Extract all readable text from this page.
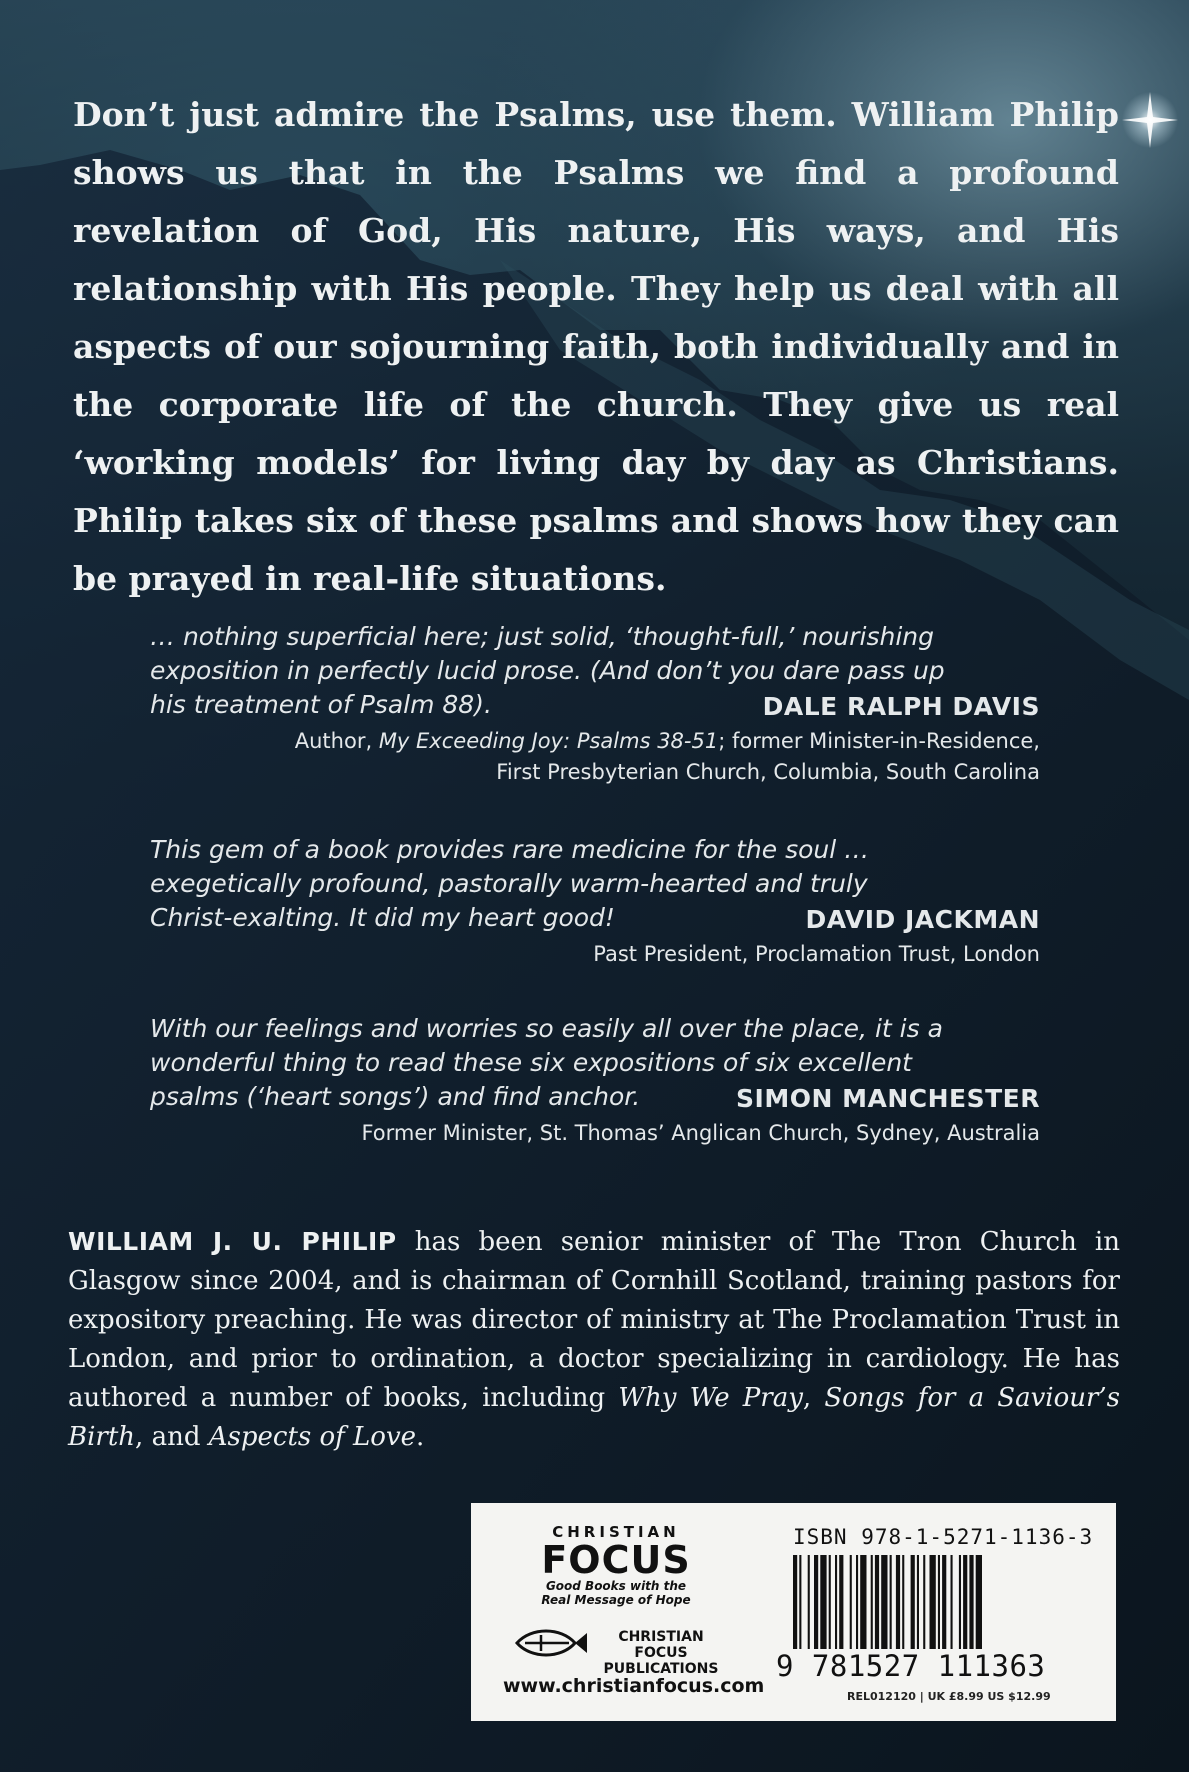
Don’t just admire the Psalms, use them. William Philip shows us that in the Psalms we find a profound revelation of God, His nature, His ways, and His relationship with His people. They help us deal with all aspects of our sojourning faith, both individually and in the corporate life of the church. They give us real ‘working models’ for living day by day as Christians. Philip takes six of these psalms and shows how they can be prayed in real-life situations.

… nothing superficial here; just solid, ‘thought-full,’ nourishing exposition in perfectly lucid prose. (And don’t you dare pass up his treatment of Psalm 88).	DALE RALPH DAVIS
Author, My Exceeding Joy: Psalms 38-51; former Minister-in-Residence,
First Presbyterian Church, Columbia, South Carolina

This gem of a book provides rare medicine for the soul … exegetically profound, pastorally warm-hearted and truly Christ-exalting. It did my heart good!	DAVID JACKMAN
Past President, Proclamation Trust, London

With our feelings and worries so easily all over the place, it is a wonderful thing to read these six expositions of six excellent psalms (‘heart songs’) and find anchor.	SIMON MANCHESTER
Former Minister, St. Thomas’ Anglican Church, Sydney, Australia

WILLIAM J. U. PHILIP has been senior minister of The Tron Church in Glasgow since 2004, and is chairman of Cornhill Scotland, training pastors for expository preaching. He was director of ministry at The Proclamation Trust in London, and prior to ordination, a doctor specializing in cardiology. He has authored a number of books, including Why We Pray, Songs for a Saviour’s Birth, and Aspects of Love.

CHRISTIAN
FOCUS
Good Books with the
Real Message of Hope
CHRISTIAN FOCUS
PUBLICATIONS
www.christianfocus.com
ISBN 978-1-5271-1136-3
9 781527 111363
REL012120 | UK £8.99 US $12.99
